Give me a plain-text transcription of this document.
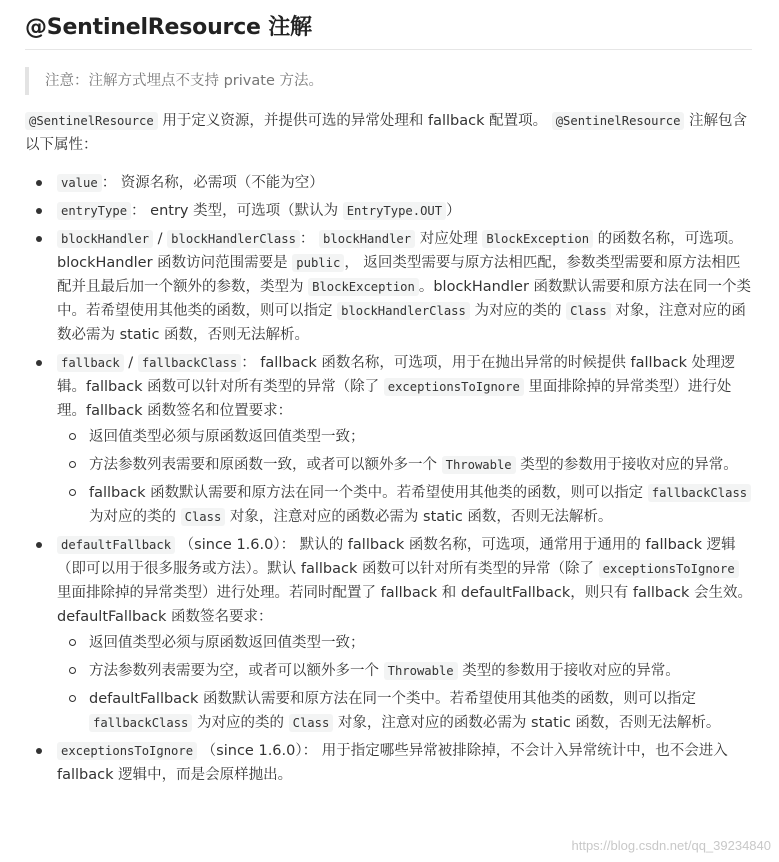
@SentinelResource 注解
注意：注解方式埋点不支持 private 方法。

@SentinelResource 用于定义资源，并提供可选的异常处理和 fallback 配置项。 @SentinelResource 注解包含以下属性：

value ： 资源名称，必需项（不能为空）
entryType ： entry 类型，可选项（默认为 EntryType.OUT ）
blockHandler / blockHandlerClass ： blockHandler 对应处理 BlockException 的函数名称，可选项。blockHandler 函数访问范围需要是 public ， 返回类型需要与原方法相匹配，参数类型需要和原方法相匹配并且最后加一个额外的参数，类型为 BlockException 。blockHandler 函数默认需要和原方法在同一个类中。若希望使用其他类的函数，则可以指定 blockHandlerClass 为对应的类的 Class 对象，注意对应的函数必需为 static 函数，否则无法解析。
fallback / fallbackClass ： fallback 函数名称，可选项，用于在抛出异常的时候提供 fallback 处理逻辑。fallback 函数可以针对所有类型的异常（除了 exceptionsToIgnore 里面排除掉的异常类型）进行处理。fallback 函数签名和位置要求：
返回值类型必须与原函数返回值类型一致；
方法参数列表需要和原函数一致，或者可以额外多一个 Throwable 类型的参数用于接收对应的异常。
fallback 函数默认需要和原方法在同一个类中。若希望使用其他类的函数，则可以指定 fallbackClass 为对应的类的 Class 对象，注意对应的函数必需为 static 函数，否则无法解析。
defaultFallback （since 1.6.0）： 默认的 fallback 函数名称，可选项，通常用于通用的 fallback 逻辑（即可以用于很多服务或方法）。默认 fallback 函数可以针对所有类型的异常（除了 exceptionsToIgnore 里面排除掉的异常类型）进行处理。若同时配置了 fallback 和 defaultFallback，则只有 fallback 会生效。defaultFallback 函数签名要求：
返回值类型必须与原函数返回值类型一致；
方法参数列表需要为空，或者可以额外多一个 Throwable 类型的参数用于接收对应的异常。
defaultFallback 函数默认需要和原方法在同一个类中。若希望使用其他类的函数，则可以指定 fallbackClass 为对应的类的 Class 对象，注意对应的函数必需为 static 函数，否则无法解析。
exceptionsToIgnore （since 1.6.0）： 用于指定哪些异常被排除掉，不会计入异常统计中，也不会进入 fallback 逻辑中，而是会原样抛出。
https://blog.csdn.net/qq_39234840
